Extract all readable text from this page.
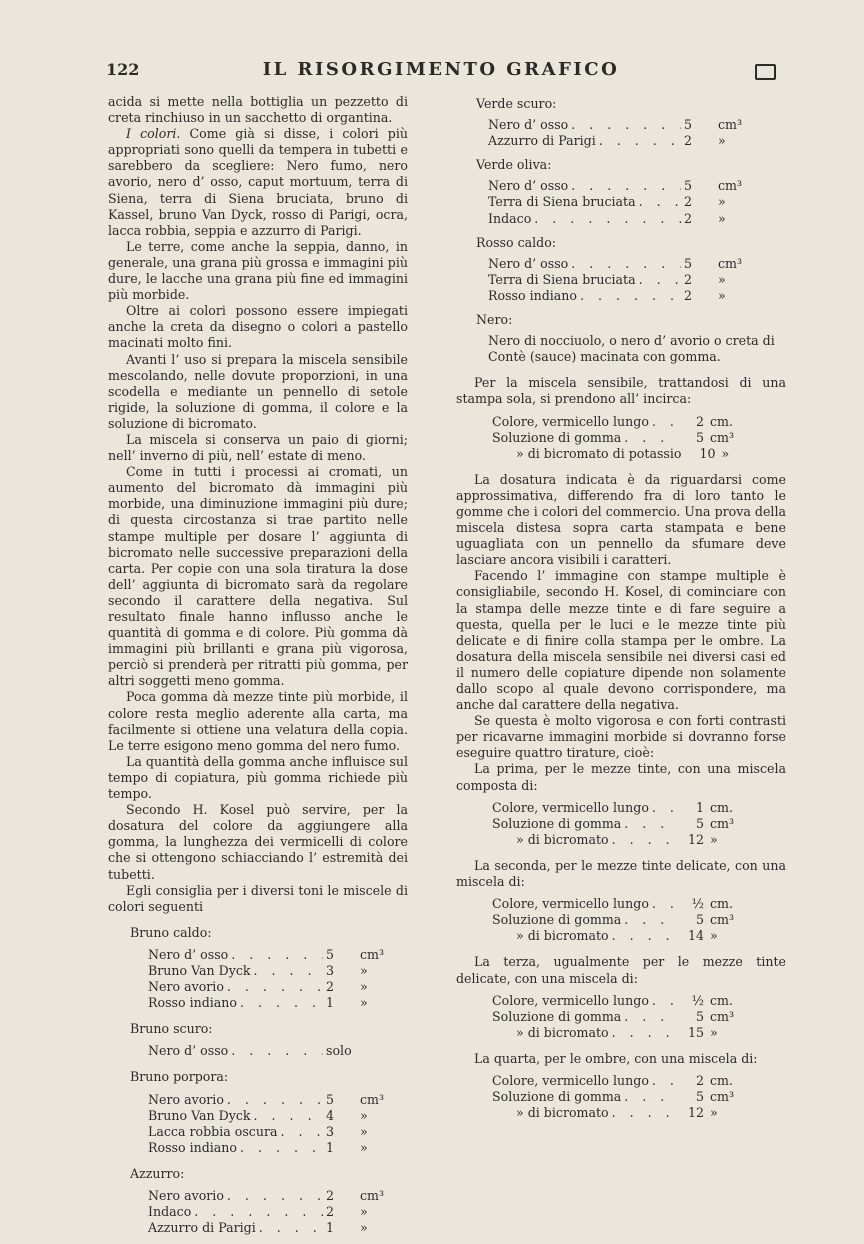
122	IL RISORGIMENTO GRAFICO

acida si mette nella bottiglia un pezzetto di creta rinchiuso in un sacchetto di organtina.

I colori. Come già si disse, i colori più appropriati sono quelli da tempera in tubetti e sarebbero da scegliere: Nero fumo, nero avorio, nero d’ osso, caput mortuum, terra di Siena, terra di Siena bruciata, bruno di Kassel, bruno Van Dyck, rosso di Parigi, ocra, lacca robbia, seppia e azzurro di Parigi.

Le terre, come anche la seppia, danno, in generale, una grana più grossa e immagini più dure, le lacche una grana più fine ed immagini più morbide.

Oltre ai colori possono essere impiegati anche la creta da disegno o colori a pastello macinati molto fini.

Avanti l’ uso si prepara la miscela sensibile mescolando, nelle dovute proporzioni, in una scodella e mediante un pennello di setole rigide, la soluzione di gomma, il colore e la soluzione di bicromato.

La miscela si conserva un paio di giorni; nell’ inverno di più, nell’ estate di meno.

Come in tutti i processi ai cromati, un aumento del bicromato dà immagini più morbide, una diminuzione immagini più dure; di questa circostanza si trae partito nelle stampe multiple per dosare l’ aggiunta di bicromato nelle successive preparazioni della carta. Per copie con una sola tiratura la dose dell’ aggiunta di bicromato sarà da regolare secondo il carattere della negativa. Sul resultato finale hanno influsso anche le quantità di gomma e di colore. Più gomma dà immagini più brillanti e grana più vigorosa, perciò si prenderà per ritratti più gomma, per altri soggetti meno gomma.

Poca gomma dà mezze tinte più morbide, il colore resta meglio aderente alla carta, ma facilmente si ottiene una velatura della copia. Le terre esigono meno gomma del nero fumo.

La quantità della gomma anche influisce sul tempo di copiatura, più gomma richiede più tempo.

Secondo H. Kosel può servire, per la dosatura del colore da aggiungere alla gomma, la lunghezza dei vermicelli di colore che si ottengono schiacciando l’ estremità dei tubetti.

Egli consiglia per i diversi toni le miscele di colori seguenti

Bruno caldo:
Nero d’ osso . . .	5	cm³
Bruno Van Dyck . . .	3	»
Nero avorio . . .	2	»
Rosso indiano . . .	1	»
Bruno scuro:
Nero d’ osso . . .	solo
Bruno porpora:
Nero avorio . . .	5	cm³
Bruno Van Dyck . . .	4	»
Lacca robbia oscura . . .	3	»
Rosso indiano . . .	1	»
Azzurro:
Nero avorio . . .	2	cm³
Indaco . . .	2	»
Azzurro di Parigi . . .	1	»
Verde scuro:
Nero d’ osso . . .	5	cm³
Azzurro di Parigi . . .	2	»
Verde oliva:
Nero d’ osso . . .	5	cm³
Terra di Siena bruciata . . .	2	»
Indaco . . .	2	»
Rosso caldo:
Nero d’ osso . . .	5	cm³
Terra di Siena bruciata . . .	2	»
Rosso indiano . . .	2	»
Nero:
Nero di nocciuolo, o nero d’ avorio o creta di Contè (sauce) macinata con gomma.

Per la miscela sensibile, trattandosi di una stampa sola, si prendono all’ incirca:

Colore, vermicello lungo . . .	2 cm.
Soluzione di gomma . . .	5 cm³
» di bicromato di potassio	10 »

La dosatura indicata è da riguardarsi come approssimativa, differendo fra di loro tanto le gomme che i colori del commercio. Una prova della miscela distesa sopra carta stampata e bene uguagliata con un pennello da sfumare deve lasciare ancora visibili i caratteri.

Facendo l’ immagine con stampe multiple è consigliabile, secondo H. Kosel, di cominciare con la stampa delle mezze tinte e di fare seguire a questa, quella per le luci e le mezze tinte più delicate e di finire colla stampa per le ombre. La dosatura della miscela sensibile nei diversi casi ed il numero delle copiature dipende non solamente dallo scopo al quale devono corrispondere, ma anche dal carattere della negativa.

Se questa è molto vigorosa e con forti contrasti per ricavarne immagini morbide si dovranno forse eseguire quattro tirature, cioè:

La prima, per le mezze tinte, con una miscela composta di:

Colore, vermicello lungo . . .	1 cm.
Soluzione di gomma . . .	5 cm³
» di bicromato . . .	12 »

La seconda, per le mezze tinte delicate, con una miscela di:

Colore, vermicello lungo . . .	½ cm.
Soluzione di gomma . . .	5 cm³
» di bicromato . . .	14 »

La terza, ugualmente per le mezze tinte delicate, con una miscela di:

Colore, vermicello lungo . . .	½ cm.
Soluzione di gomma . . .	5 cm³
» di bicromato . . .	15 »

La quarta, per le ombre, con una miscela di:

Colore, vermicello lungo . . .	2 cm.
Soluzione di gomma . . .	5 cm³
» di bicromato . . .	12 »
